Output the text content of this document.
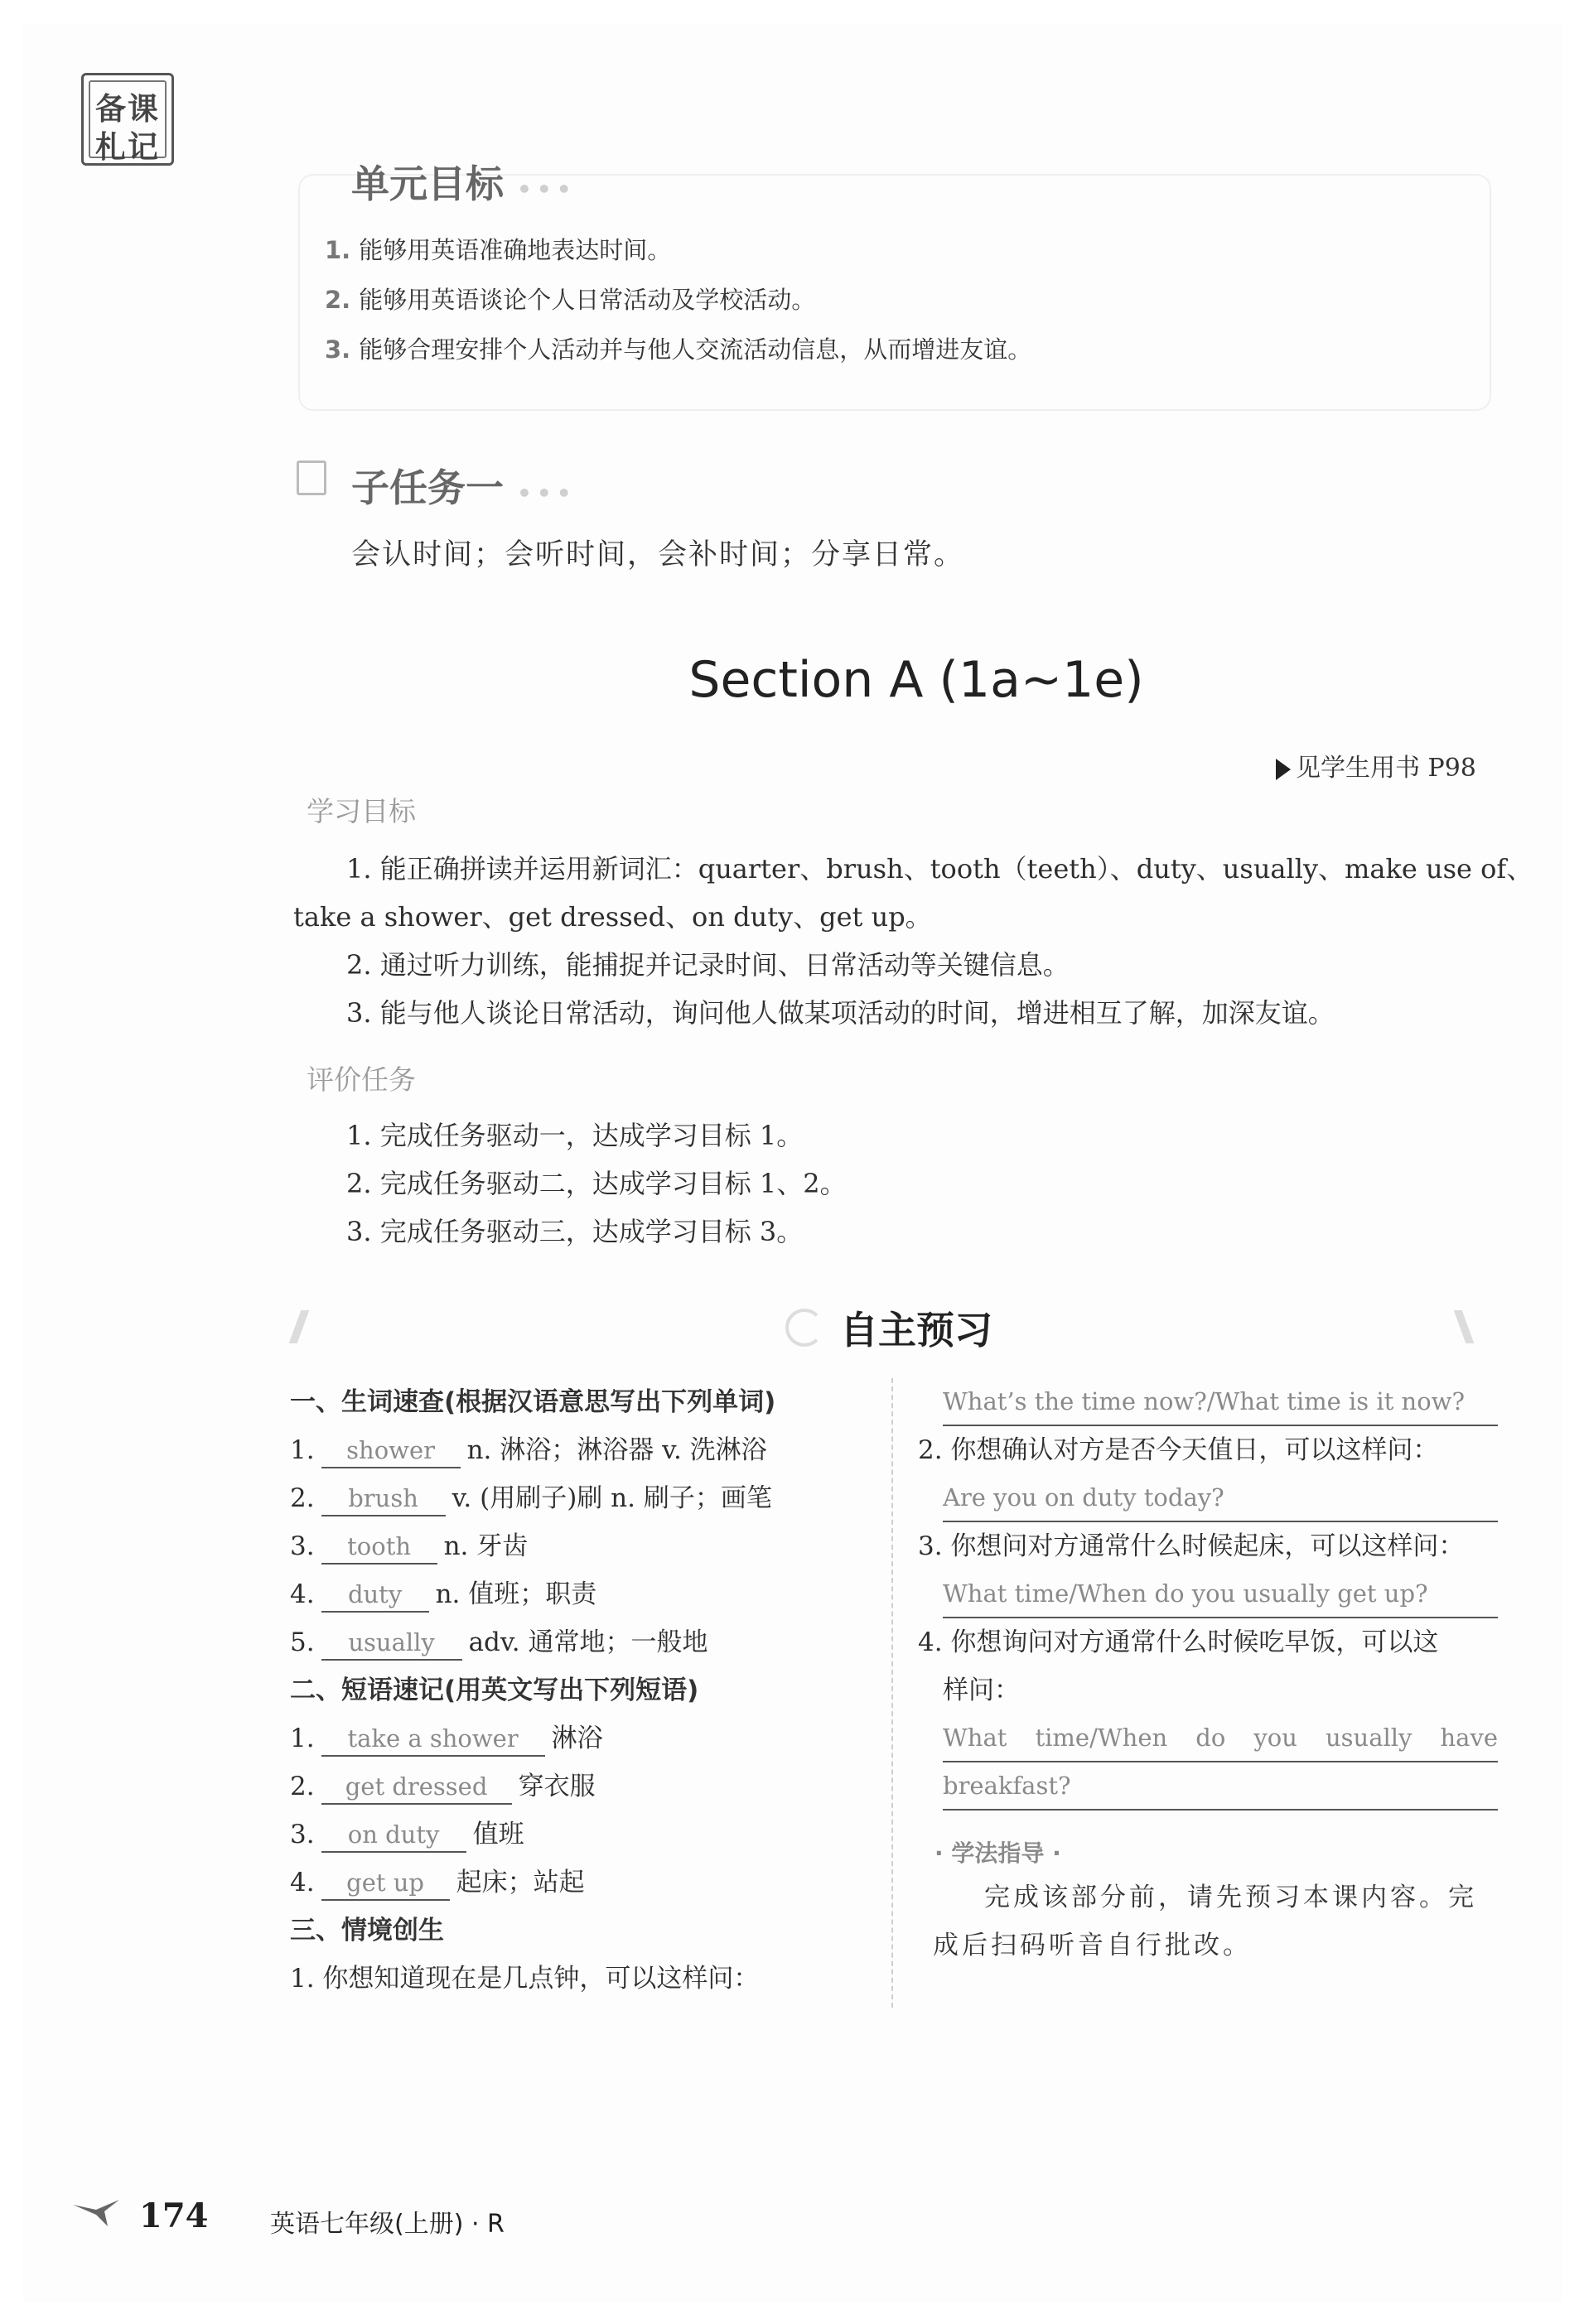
备课
札记
单元目标 •••
1. 能够用英语准确地表达时间。
2. 能够用英语谈论个人日常活动及学校活动。
3. 能够合理安排个人活动并与他人交流活动信息，从而增进友谊。
子任务一 •••
会认时间；会听时间，会补时间；分享日常。
Section A (1a~1e)
见学生用书 P98
学习目标
1. 能正确拼读并运用新词汇：quarter、brush、tooth（teeth）、duty、usually、make use of、
take a shower、get dressed、on duty、get up。
2. 通过听力训练，能捕捉并记录时间、日常活动等关键信息。
3. 能与他人谈论日常活动，询问他人做某项活动的时间，增进相互了解，加深友谊。
评价任务
1. 完成任务驱动一，达成学习目标 1。
2. 完成任务驱动二，达成学习目标 1、2。
3. 完成任务驱动三，达成学习目标 3。
自主预习
一、生词速查(根据汉语意思写出下列单词)
1. shower n. 淋浴；淋浴器 v. 洗淋浴
2. brush v. (用刷子)刷 n. 刷子；画笔
3. tooth n. 牙齿
4. duty n. 值班；职责
5. usually adv. 通常地；一般地
二、短语速记(用英文写出下列短语)
1. take a shower 淋浴
2. get dressed 穿衣服
3. on duty 值班
4. get up 起床；站起
三、情境创生
1. 你想知道现在是几点钟，可以这样问：
What’s the time now?/What time is it now?
2. 你想确认对方是否今天值日，可以这样问：
Are you on duty today?
3. 你想问对方通常什么时候起床，可以这样问：
What time/When do you usually get up?
4. 你想询问对方通常什么时候吃早饭，可以这
样问：
What time/When do you usually have
breakfast?
· 学法指导 ·
完成该部分前，请先预习本课内容。完
成后扫码听音自行批改。
174 英语七年级(上册) · R
